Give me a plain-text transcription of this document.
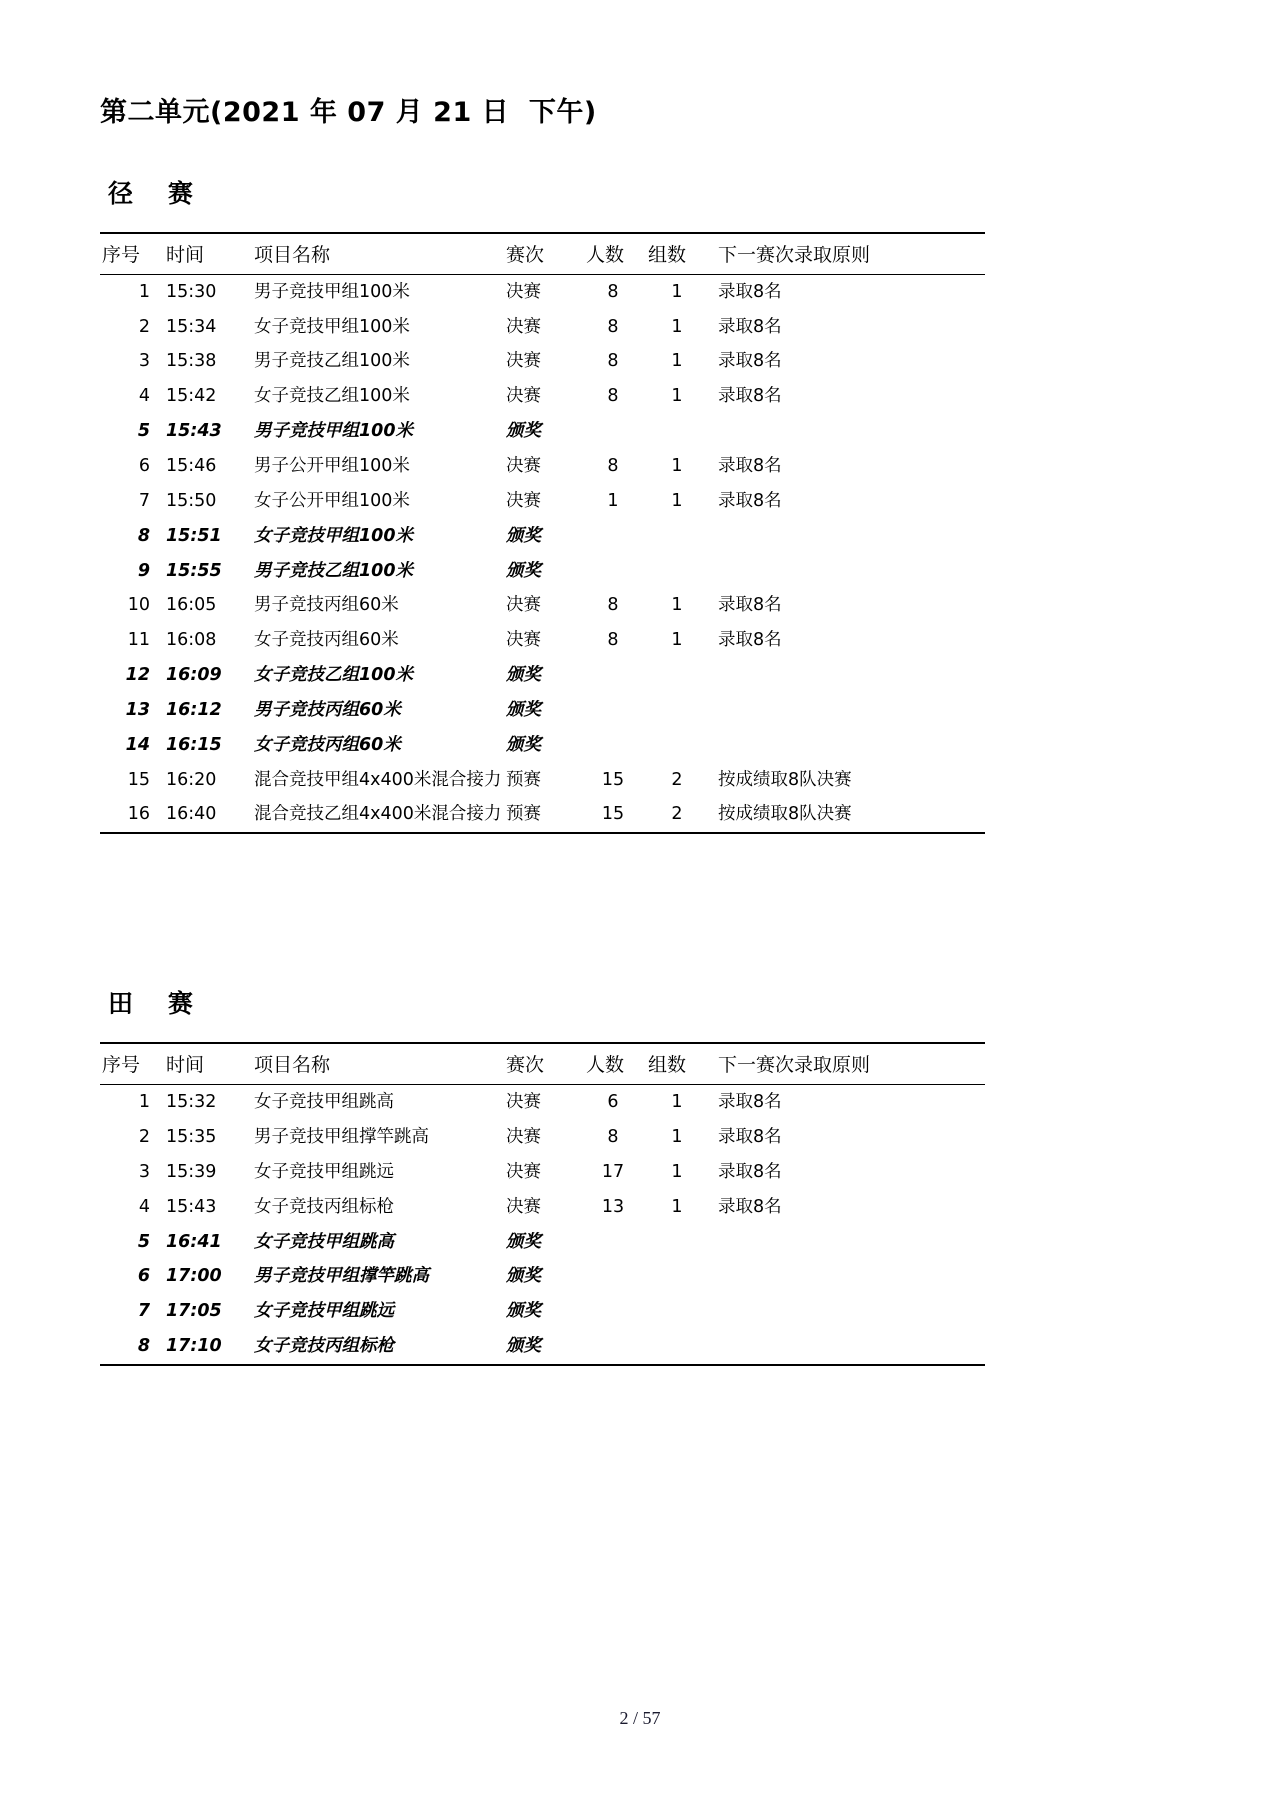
第二单元(2021 年 07 月 21 日  下午)
径    赛
序号	时间	项目名称	赛次	人数	组数	下一赛次录取原则
1	15:30	男子竞技甲组100米	决赛	8	1	录取8名
2	15:34	女子竞技甲组100米	决赛	8	1	录取8名
3	15:38	男子竞技乙组100米	决赛	8	1	录取8名
4	15:42	女子竞技乙组100米	决赛	8	1	录取8名
5	15:43	男子竞技甲组100米	颁奖			
6	15:46	男子公开甲组100米	决赛	8	1	录取8名
7	15:50	女子公开甲组100米	决赛	1	1	录取8名
8	15:51	女子竞技甲组100米	颁奖			
9	15:55	男子竞技乙组100米	颁奖			
10	16:05	男子竞技丙组60米	决赛	8	1	录取8名
11	16:08	女子竞技丙组60米	决赛	8	1	录取8名
12	16:09	女子竞技乙组100米	颁奖			
13	16:12	男子竞技丙组60米	颁奖			
14	16:15	女子竞技丙组60米	颁奖			
15	16:20	混合竞技甲组4x400米混合接力	预赛	15	2	按成绩取8队决赛
16	16:40	混合竞技乙组4x400米混合接力	预赛	15	2	按成绩取8队决赛
田    赛
序号	时间	项目名称	赛次	人数	组数	下一赛次录取原则
1	15:32	女子竞技甲组跳高	决赛	6	1	录取8名
2	15:35	男子竞技甲组撑竿跳高	决赛	8	1	录取8名
3	15:39	女子竞技甲组跳远	决赛	17	1	录取8名
4	15:43	女子竞技丙组标枪	决赛	13	1	录取8名
5	16:41	女子竞技甲组跳高	颁奖			
6	17:00	男子竞技甲组撑竿跳高	颁奖			
7	17:05	女子竞技甲组跳远	颁奖			
8	17:10	女子竞技丙组标枪	颁奖			
2 / 57
